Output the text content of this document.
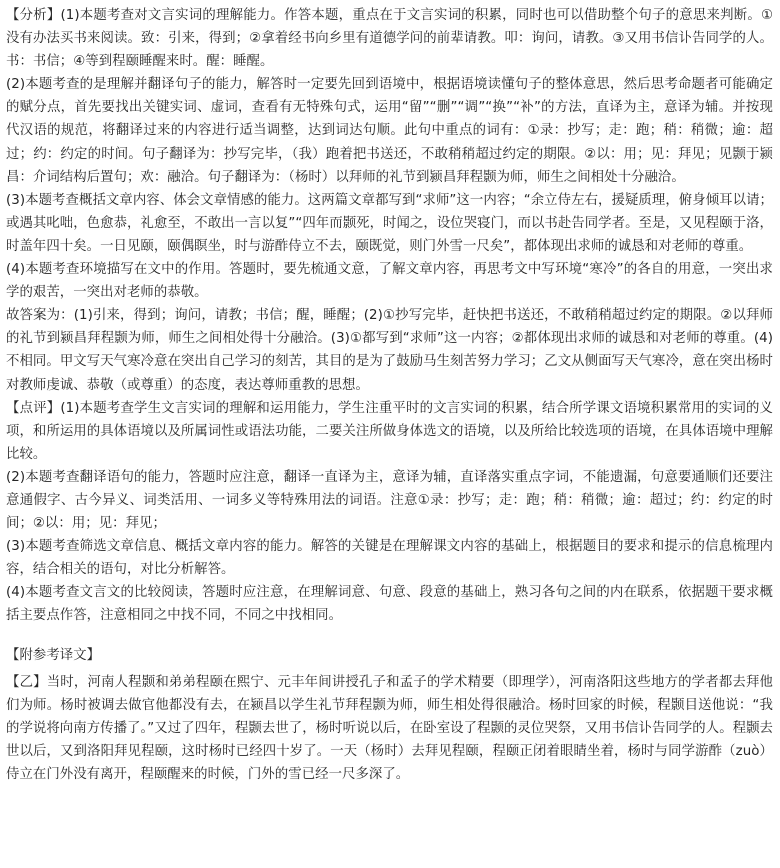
【分析】(1)本题考查对文言实词的理解能力。作答本题，重点在于文言实词的积累，同时也可以借助整个句子的意思来判断。①没有办法买书来阅读。致：引来，得到；②拿着经书向乡里有道德学问的前辈请教。叩：询问，请教。③又用书信讣告同学的人。书：书信；④等到程颐睡醒来时。醒：睡醒。

(2)本题考查的是理解并翻译句子的能力，解答时一定要先回到语境中，根据语境读懂句子的整体意思，然后思考命题者可能确定的赋分点，首先要找出关键实词、虚词，查看有无特殊句式，运用“留”“删”“调”“换”“补”的方法，直译为主，意译为辅。并按现代汉语的规范，将翻译过来的内容进行适当调整，达到词达句顺。此句中重点的词有：①录：抄写；走：跑；稍：稍微；逾：超过；约：约定的时间。句子翻译为：抄写完毕，（我）跑着把书送还，不敢稍稍超过约定的期限。②以：用；见：拜见；见颢于颍昌：介词结构后置句；欢：融洽。句子翻译为：（杨时）以拜师的礼节到颍昌拜程颢为师，师生之间相处十分融洽。

(3)本题考查概括文章内容、体会文章情感的能力。这两篇文章都写到“求师”这一内容；“余立侍左右，援疑质理，俯身倾耳以请；或遇其叱咄，色愈恭，礼愈至，不敢出一言以复”“四年而颢死，时闻之，设位哭寝门，而以书赴告同学者。至是，又见程颐于洛，时盖年四十矣。一日见颐，颐偶瞑坐，时与游酢侍立不去，颐既觉，则门外雪一尺矣”，都体现出求师的诚恳和对老师的尊重。

(4)本题考查环境描写在文中的作用。答题时，要先梳通文意，了解文章内容，再思考文中写环境“寒冷”的各自的用意，一突出求学的艰苦，一突出对老师的恭敬。

故答案为：(1)引来，得到；询问，请教；书信；醒，睡醒；(2)①抄写完毕，赶快把书送还，不敢稍稍超过约定的期限。②以拜师的礼节到颍昌拜程颢为师，师生之间相处得十分融洽。(3)①都写到“求师”这一内容；②都体现出求师的诚恳和对老师的尊重。(4)不相同。甲文写天气寒冷意在突出自己学习的刻苦，其目的是为了鼓励马生刻苦努力学习；乙文从侧面写天气寒冷，意在突出杨时对教师虔诚、恭敬（或尊重）的态度，表达尊师重教的思想。

【点评】(1)本题考查学生文言实词的理解和运用能力，学生注重平时的文言实词的积累，结合所学课文语境积累常用的实词的义项，和所运用的具体语境以及所属词性或语法功能，二要关注所做身体选文的语境，以及所给比较选项的语境，在具体语境中理解比较。

(2)本题考查翻译语句的能力，答题时应注意，翻译一直译为主，意译为辅，直译落实重点字词，不能遗漏，句意要通顺们还要注意通假字、古今异义、词类活用、一词多义等特殊用法的词语。注意①录：抄写；走：跑；稍：稍微；逾：超过；约：约定的时间；②以：用；见：拜见；

(3)本题考查筛选文章信息、概括文章内容的能力。解答的关键是在理解课文内容的基础上，根据题目的要求和提示的信息梳理内容，结合相关的语句，对比分析解答。

(4)本题考查文言文的比较阅读，答题时应注意，在理解词意、句意、段意的基础上，熟习各句之间的内在联系，依据题干要求概括主要点作答，注意相同之中找不同，不同之中找相同。

【附参考译文】

【乙】当时，河南人程颢和弟弟程颐在熙宁、元丰年间讲授孔子和孟子的学术精要（即理学），河南洛阳这些地方的学者都去拜他们为师。杨时被调去做官他都没有去，在颍昌以学生礼节拜程颢为师，师生相处得很融洽。杨时回家的时候，程颢目送他说：“我的学说将向南方传播了。”又过了四年，程颢去世了，杨时听说以后，在卧室设了程颢的灵位哭祭，又用书信讣告同学的人。程颢去世以后，又到洛阳拜见程颐，这时杨时已经四十岁了。一天（杨时）去拜见程颐，程颐正闭着眼睛坐着，杨时与同学游酢（zuò）侍立在门外没有离开，程颐醒来的时候，门外的雪已经一尺多深了。
